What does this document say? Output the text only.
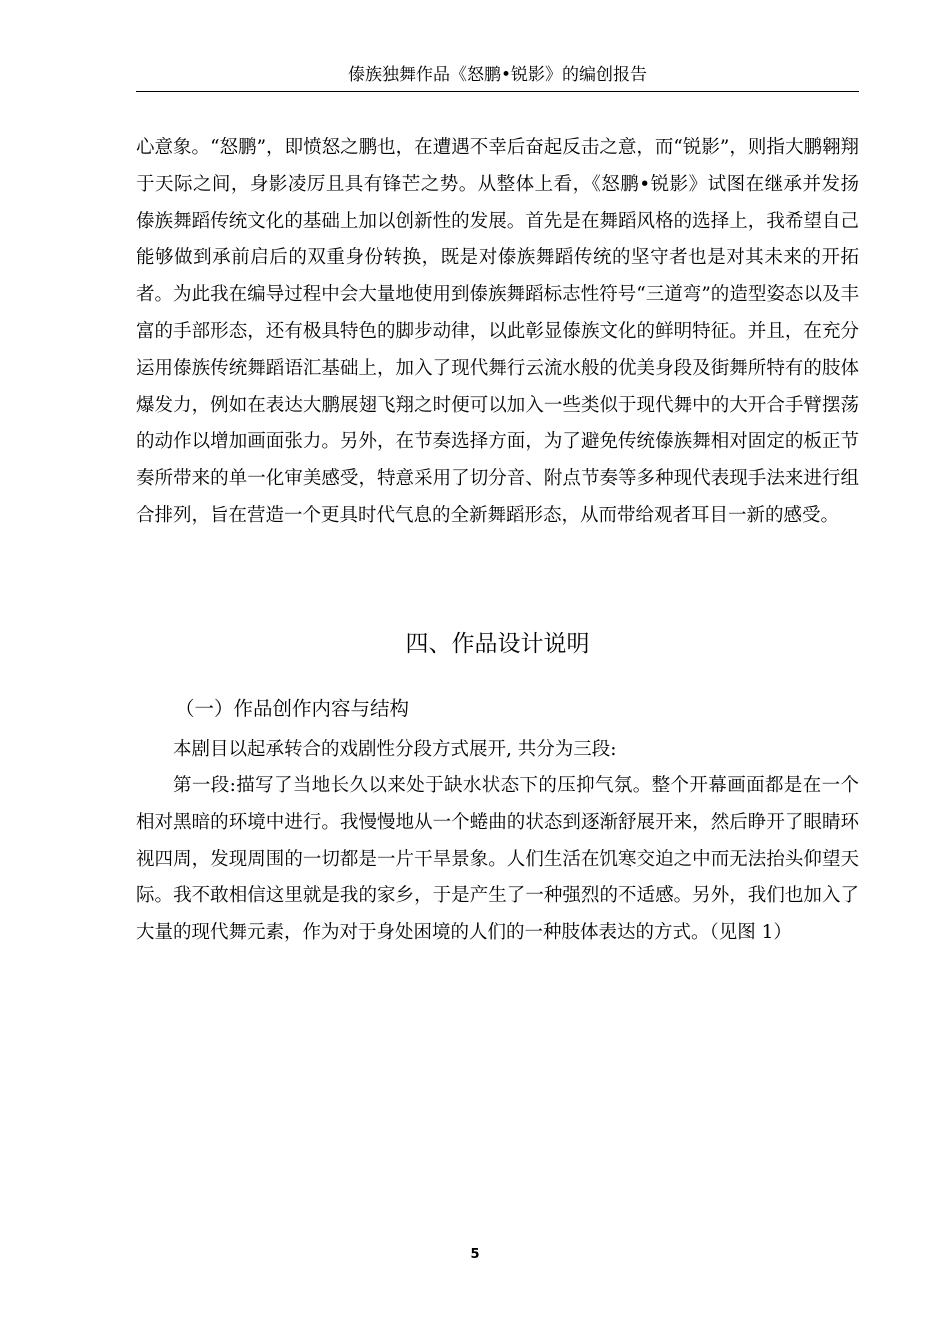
傣族独舞作品《怒鹏•锐影》的编创报告

心意象。“怒鹏”，即愤怒之鹏也，在遭遇不幸后奋起反击之意，而“锐影”，则指大鹏翱翔于天际之间，身影凌厉且具有锋芒之势。从整体上看，《怒鹏•锐影》试图在继承并发扬傣族舞蹈传统文化的基础上加以创新性的发展。首先是在舞蹈风格的选择上，我希望自己能够做到承前启后的双重身份转换，既是对傣族舞蹈传统的坚守者也是对其未来的开拓者。为此我在编导过程中会大量地使用到傣族舞蹈标志性符号“三道弯”的造型姿态以及丰富的手部形态，还有极具特色的脚步动律，以此彰显傣族文化的鲜明特征。并且，在充分运用傣族传统舞蹈语汇基础上，加入了现代舞行云流水般的优美身段及街舞所特有的肢体爆发力，例如在表达大鹏展翅飞翔之时便可以加入一些类似于现代舞中的大开合手臂摆荡的动作以增加画面张力。另外，在节奏选择方面，为了避免传统傣族舞相对固定的板正节奏所带来的单一化审美感受，特意采用了切分音、附点节奏等多种现代表现手法来进行组合排列，旨在营造一个更具时代气息的全新舞蹈形态，从而带给观者耳目一新的感受。

四、作品设计说明
（一）作品创作内容与结构

本剧目以起承转合的戏剧性分段方式展开, 共分为三段:

第一段:描写了当地长久以来处于缺水状态下的压抑气氛。整个开幕画面都是在一个相对黑暗的环境中进行。我慢慢地从一个蜷曲的状态到逐渐舒展开来，然后睁开了眼睛环视四周，发现周围的一切都是一片干旱景象。人们生活在饥寒交迫之中而无法抬头仰望天际。我不敢相信这里就是我的家乡，于是产生了一种强烈的不适感。另外，我们也加入了大量的现代舞元素，作为对于身处困境的人们的一种肢体表达的方式。（见图 1）

5
